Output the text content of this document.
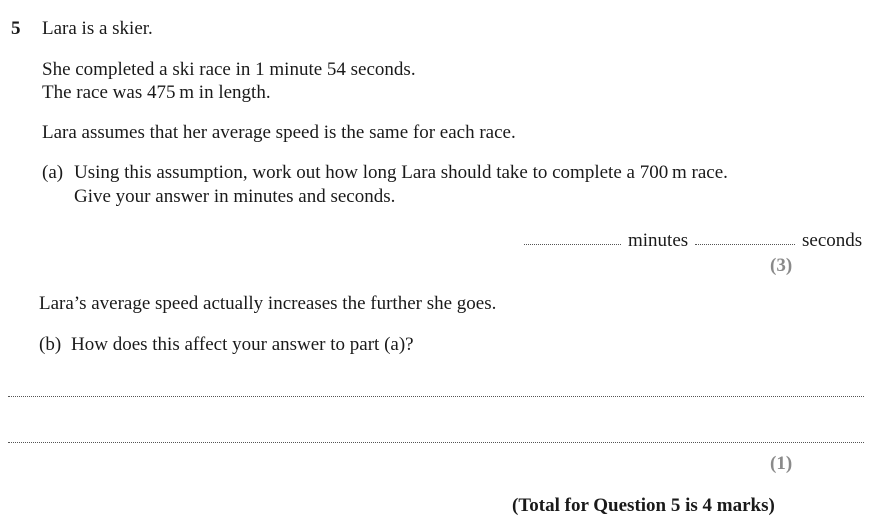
5 Lara is a skier.
She completed a ski race in 1 minute 54 seconds.
The race was 475 m in length.
Lara assumes that her average speed is the same for each race.
(a) Using this assumption, work out how long Lara should take to complete a 700 m race.
Give your answer in minutes and seconds.
minutes	seconds
(3)
Lara’s average speed actually increases the further she goes.
(b) How does this affect your answer to part (a)?
(1)
(Total for Question 5 is 4 marks)
